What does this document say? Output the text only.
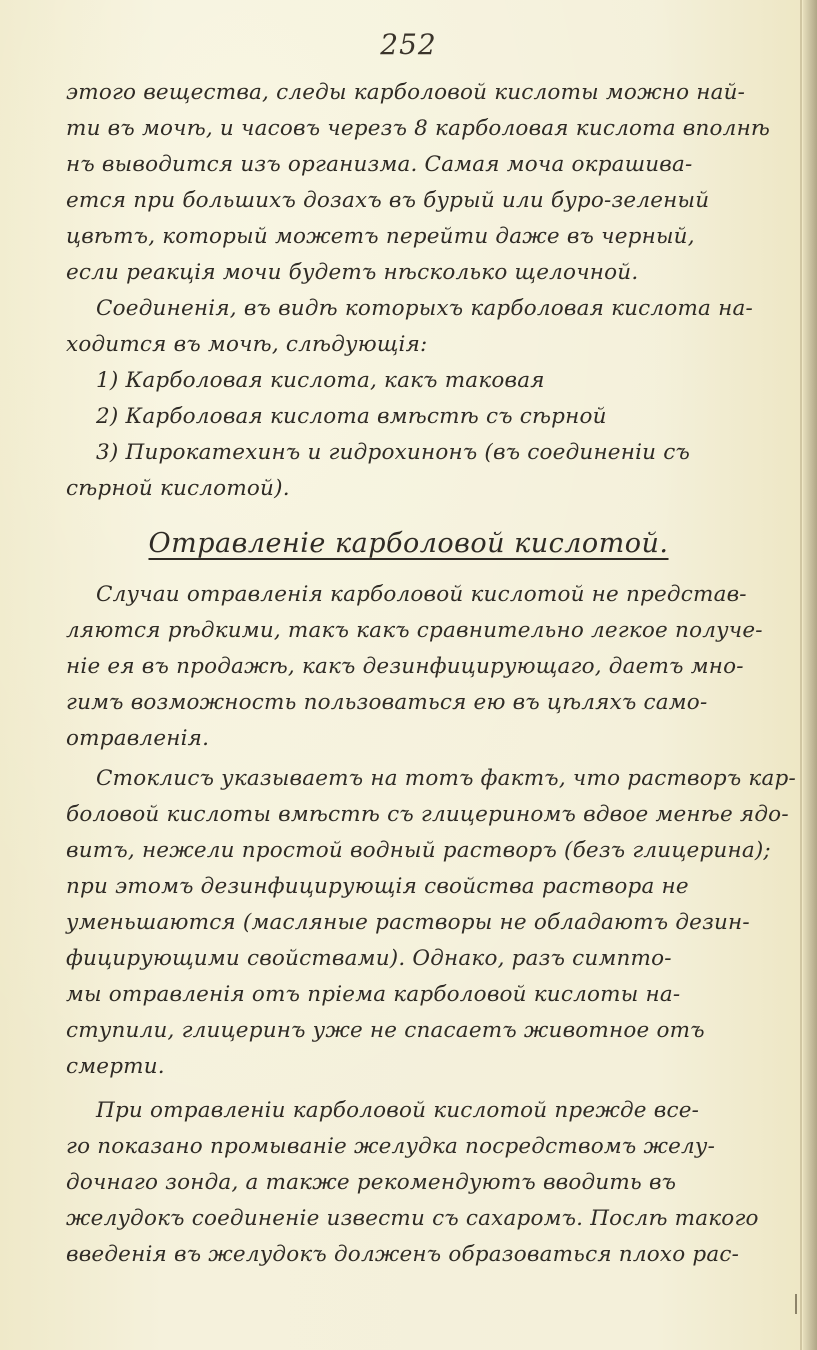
252
этого вещества, следы карболовой кислоты можно най-
ти въ мочѣ, и часовъ черезъ 8 карболовая кислота вполнѣ
нъ выводится изъ организма. Самая моча окрашива-
ется при большихъ дозахъ въ бурый или буро-зеленый
цвѣтъ, который можетъ перейти даже въ черный,
если реакція мочи будетъ нѣсколько щелочной.
Соединенія, въ видѣ которыхъ карболовая кислота на-
ходится въ мочѣ, слѣдующія:
1) Карболовая кислота, какъ таковая
2) Карболовая кислота вмѣстѣ съ сѣрной
3) Пирокатехинъ и гидрохинонъ (въ соединеніи съ
сѣрной кислотой).
Отравленіе карболовой кислотой.
Случаи отравленія карболовой кислотой не предстaв-
ляются рѣдкими, такъ какъ сравнительно легкое получе-
ніе ея въ продажѣ, какъ дезинфицирующаго, даетъ мно-
гимъ возможность пользоваться ею въ цѣляхъ само-
отравленія.
Стоклисъ указываетъ на тотъ фактъ, что растворъ кар-
боловой кислоты вмѣстѣ съ глицериномъ вдвое менѣе ядо-
витъ, нежели простой водный растворъ (безъ глицерина);
при этомъ дезинфицирующія свойства раствора не
уменьшаются (масляные растворы не обладаютъ дезин-
фицирующими свойствами). Однако, разъ симпто-
мы отравленія отъ пріема карболовой кислоты на-
ступили, глицеринъ уже не спасаетъ животное отъ
смерти.
При отравленіи карболовой кислотой прежде все-
го показано промываніе желудка посредствомъ желу-
дочнаго зонда, а также рекомендуютъ вводить въ
желудокъ соединеніе извести съ сахаромъ. Послѣ такого
введенія въ желудокъ долженъ образоваться плохо рас-
